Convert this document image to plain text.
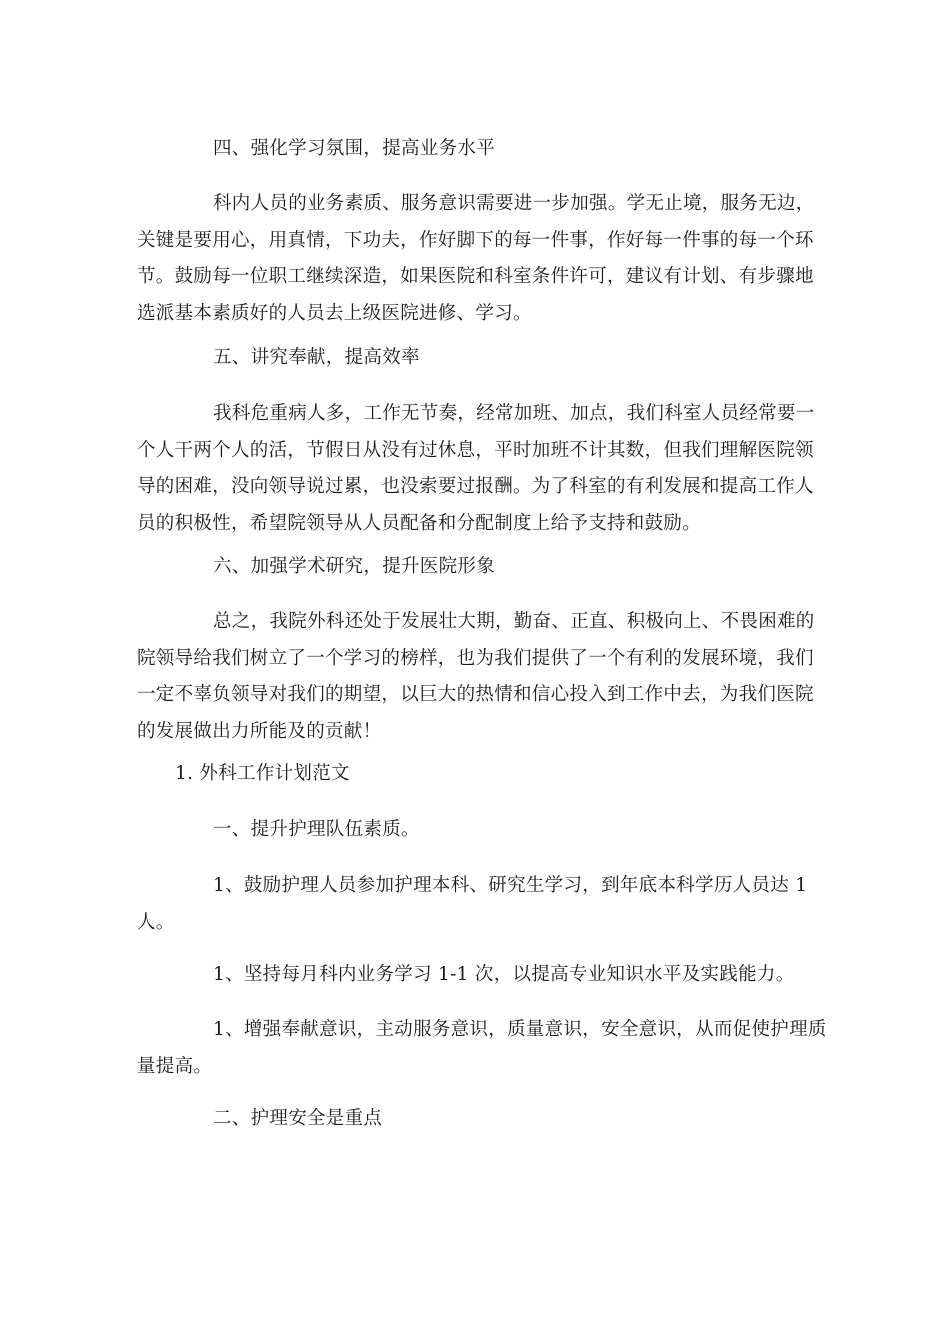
四、强化学习氛围，提高业务水平

科内人员的业务素质、服务意识需要进一步加强。学无止境，服务无边，关键是要用心，用真情，下功夫，作好脚下的每一件事，作好每一件事的每一个环节。鼓励每一位职工继续深造，如果医院和科室条件许可，建议有计划、有步骤地选派基本素质好的人员去上级医院进修、学习。

五、讲究奉献，提高效率

我科危重病人多，工作无节奏，经常加班、加点，我们科室人员经常要一个人干两个人的活，节假日从没有过休息，平时加班不计其数，但我们理解医院领导的困难，没向领导说过累，也没索要过报酬。为了科室的有利发展和提高工作人员的积极性，希望院领导从人员配备和分配制度上给予支持和鼓励。

六、加强学术研究，提升医院形象

总之，我院外科还处于发展壮大期，勤奋、正直、积极向上、不畏困难的院领导给我们树立了一个学习的榜样，也为我们提供了一个有利的发展环境，我们一定不辜负领导对我们的期望，以巨大的热情和信心投入到工作中去，为我们医院的发展做出力所能及的贡献！

1. 外科工作计划范文

一、提升护理队伍素质。

1、鼓励护理人员参加护理本科、研究生学习，到年底本科学历人员达 1 人。

1、坚持每月科内业务学习 1-1 次，以提高专业知识水平及实践能力。

1、增强奉献意识，主动服务意识，质量意识，安全意识，从而促使护理质量提高。

二、护理安全是重点
